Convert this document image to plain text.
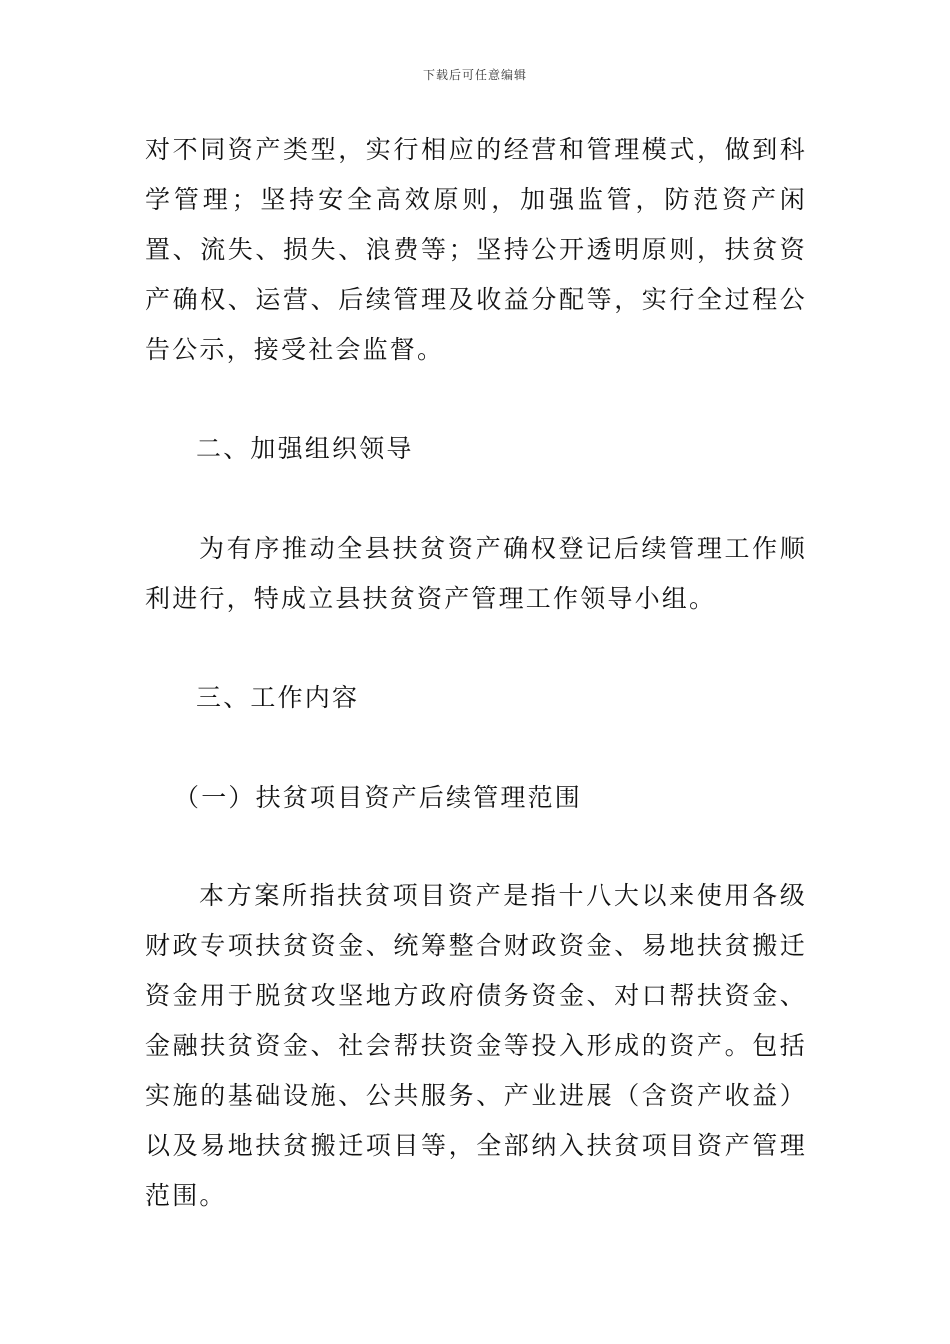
下载后可任意编辑

对不同资产类型，实行相应的经营和管理模式，做到科学管理；坚持安全高效原则，加强监管，防范资产闲置、流失、损失、浪费等；坚持公开透明原则，扶贫资产确权、运营、后续管理及收益分配等，实行全过程公告公示，接受社会监督。

二、加强组织领导

为有序推动全县扶贫资产确权登记后续管理工作顺利进行，特成立县扶贫资产管理工作领导小组。

三、工作内容

（一）扶贫项目资产后续管理范围

本方案所指扶贫项目资产是指十八大以来使用各级财政专项扶贫资金、统筹整合财政资金、易地扶贫搬迁资金用于脱贫攻坚地方政府债务资金、对口帮扶资金、金融扶贫资金、社会帮扶资金等投入形成的资产。包括实施的基础设施、公共服务、产业进展（含资产收益）以及易地扶贫搬迁项目等，全部纳入扶贫项目资产管理范围。
